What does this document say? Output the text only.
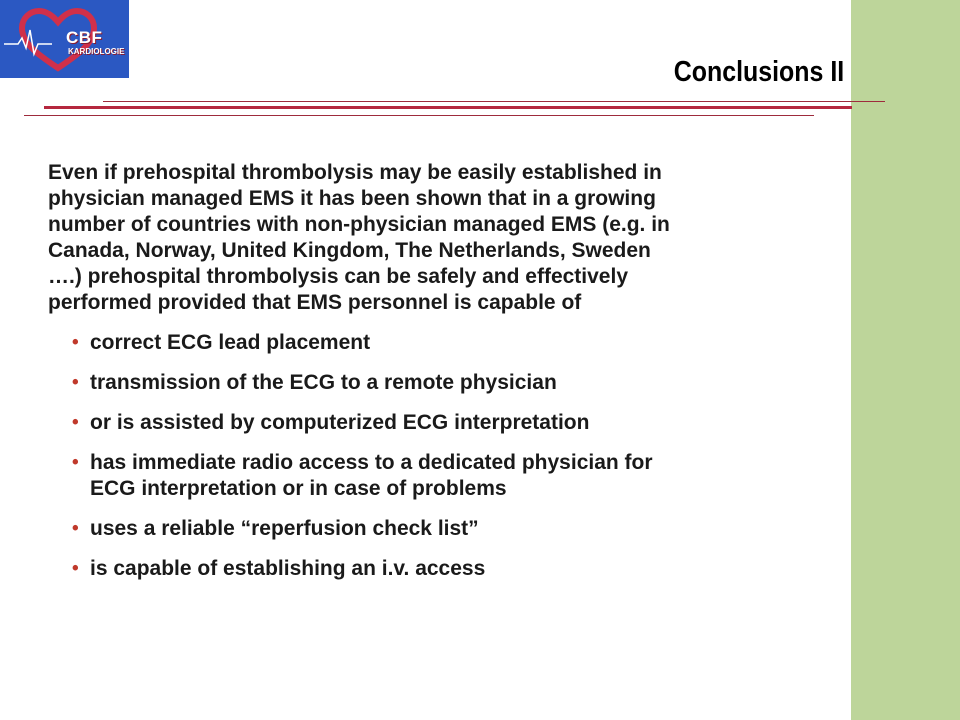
CBF
KARDIOLOGIE
Conclusions II

Even if prehospital thrombolysis may be easily established in
physician managed EMS it has been shown that in a growing
number of countries with non-physician managed EMS (e.g. in
Canada, Norway, United Kingdom, The Netherlands, Sweden
….) prehospital thrombolysis can be safely and effectively
performed provided that EMS personnel is capable of

• correct ECG lead placement
• transmission of the ECG to a remote physician
• or is assisted by computerized ECG interpretation
• has immediate radio access to a dedicated physician for
ECG interpretation or in case of problems
• uses a reliable “reperfusion check list”
• is capable of establishing an i.v. access
